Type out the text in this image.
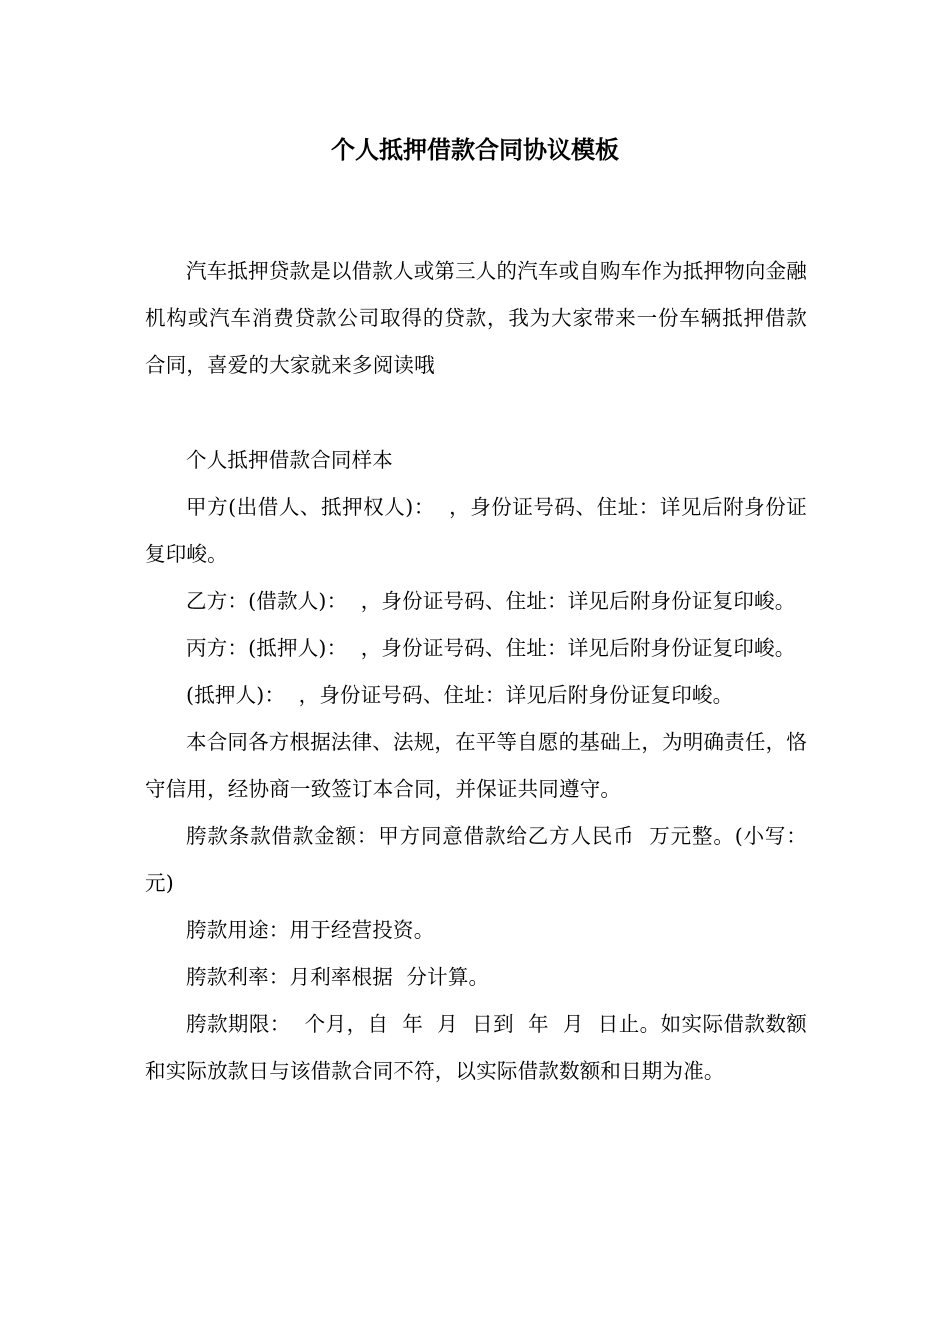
个人抵押借款合同协议模板

汽车抵押贷款是以借款人或第三人的汽车或自购车作为抵押物向金融机构或汽车消费贷款公司取得的贷款，我为大家带来一份车辆抵押借款合同，喜爱的大家就来多阅读哦

个人抵押借款合同样本

甲方(出借人、抵押权人)：  ，身份证号码、住址：详见后附身份证复印峻。

乙方：(借款人)：  ，身份证号码、住址：详见后附身份证复印峻。

丙方：(抵押人)：  ，身份证号码、住址：详见后附身份证复印峻。

(抵押人)：  ，身份证号码、住址：详见后附身份证复印峻。

本合同各方根据法律、法规，在平等自愿的基础上，为明确责任，恪守信用，经协商一致签订本合同，并保证共同遵守。

胯款条款借款金额：甲方同意借款给乙方人民币  万元整。(小写：  元)

胯款用途：用于经营投资。

胯款利率：月利率根据  分计算。

胯款期限：  个月，自  年  月  日到  年  月  日止。如实际借款数额和实际放款日与该借款合同不符，以实际借款数额和日期为准。
